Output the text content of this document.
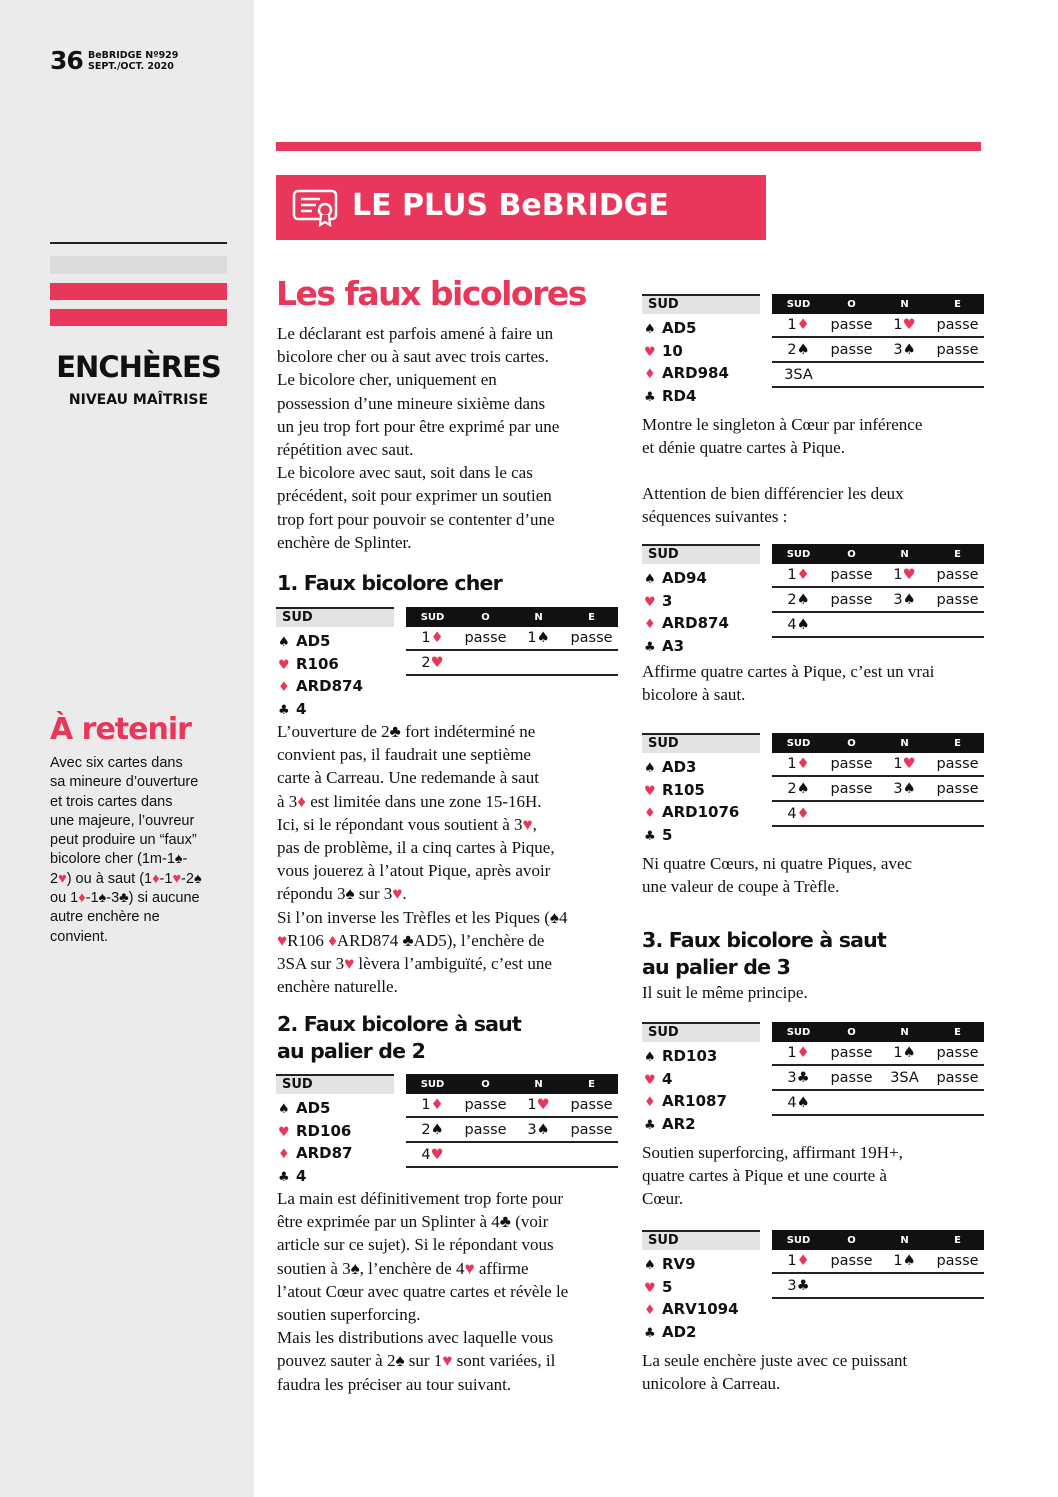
36 BeBRIDGE Nº929
SEPT./OCT. 2020
ENCHÈRES
NIVEAU MAÎTRISE
À retenir
Avec six cartes dans
sa mineure d’ouverture
et trois cartes dans
une majeure, l’ouvreur
peut produire un “faux”
bicolore cher (1m-1♠-
2♥) ou à saut (1♦-1♥-2♠
ou 1♦-1♠-3♣) si aucune
autre enchère ne
convient.
LE PLUS BeBRIDGE
Les faux bicolores
Le déclarant est parfois amené à faire un
bicolore cher ou à saut avec trois cartes.
Le bicolore cher, uniquement en
possession d’une mineure sixième dans
un jeu trop fort pour être exprimé par une
répétition avec saut.
Le bicolore avec saut, soit dans le cas
précédent, soit pour exprimer un soutien
trop fort pour pouvoir se contenter d’une
enchère de Splinter.
1. Faux bicolore cher
SUD
♠ AD5
♥ R106
♦ ARD874
♣ 4
SUD	O	N	E
1♦	passe	1♠	passe
2♥
L’ouverture de 2♣ fort indéterminé ne
convient pas, il faudrait une septième
carte à Carreau. Une redemande à saut
à 3♦ est limitée dans une zone 15-16H.
Ici, si le répondant vous soutient à 3♥,
pas de problème, il a cinq cartes à Pique,
vous jouerez à l’atout Pique, après avoir
répondu 3♠ sur 3♥.
Si l’on inverse les Trèfles et les Piques (♠4
♥R106 ♦ARD874 ♣AD5), l’enchère de
3SA sur 3♥ lèvera l’ambiguïté, c’est une
enchère naturelle.
2. Faux bicolore à saut
au palier de 2
SUD
♠ AD5
♥ RD106
♦ ARD87
♣ 4
SUD	O	N	E
1♦	passe	1♥	passe
2♠	passe	3♠	passe
4♥
La main est définitivement trop forte pour
être exprimée par un Splinter à 4♣ (voir
article sur ce sujet). Si le répondant vous
soutien à 3♠, l’enchère de 4♥ affirme
l’atout Cœur avec quatre cartes et révèle le
soutien superforcing.
Mais les distributions avec laquelle vous
pouvez sauter à 2♠ sur 1♥ sont variées, il
faudra les préciser au tour suivant.
SUD
♠ AD5
♥ 10
♦ ARD984
♣ RD4
SUD	O	N	E
1♦	passe	1♥	passe
2♠	passe	3♠	passe
3SA
Montre le singleton à Cœur par inférence
et dénie quatre cartes à Pique.
Attention de bien différencier les deux
séquences suivantes :
SUD
♠ AD94
♥ 3
♦ ARD874
♣ A3
SUD	O	N	E
1♦	passe	1♥	passe
2♠	passe	3♠	passe
4♠
Affirme quatre cartes à Pique, c’est un vrai
bicolore à saut.
SUD
♠ AD3
♥ R105
♦ ARD1076
♣ 5
SUD	O	N	E
1♦	passe	1♥	passe
2♠	passe	3♠	passe
4♦
Ni quatre Cœurs, ni quatre Piques, avec
une valeur de coupe à Trèfle.
3. Faux bicolore à saut
au palier de 3
Il suit le même principe.
SUD
♠ RD103
♥ 4
♦ AR1087
♣ AR2
SUD	O	N	E
1♦	passe	1♠	passe
3♣	passe	3SA	passe
4♠
Soutien superforcing, affirmant 19H+,
quatre cartes à Pique et une courte à
Cœur.
SUD
♠ RV9
♥ 5
♦ ARV1094
♣ AD2
SUD	O	N	E
1♦	passe	1♠	passe
3♣
La seule enchère juste avec ce puissant
unicolore à Carreau.
